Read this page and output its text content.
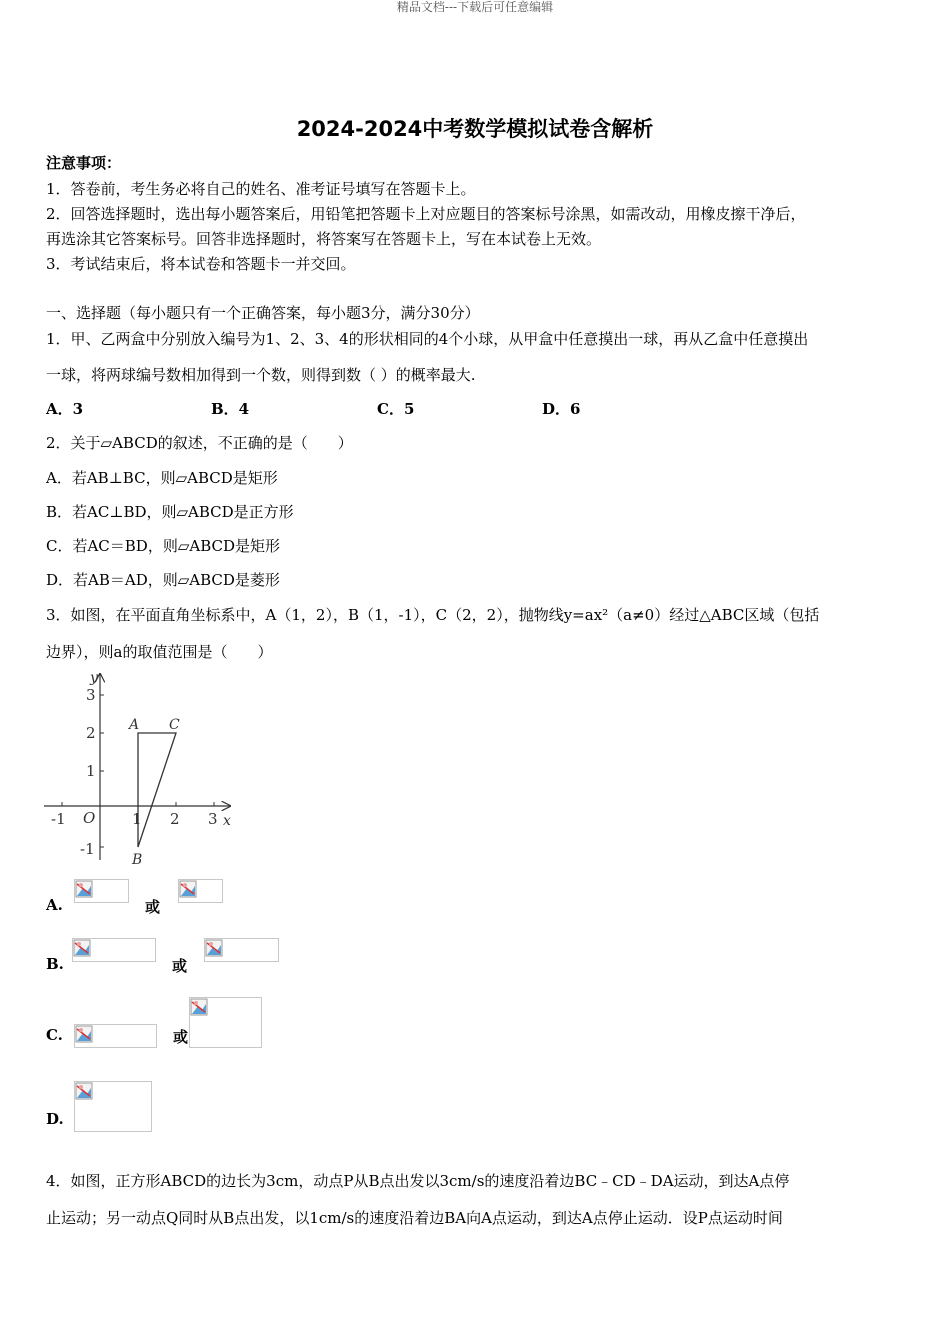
精品文档---下载后可任意编辑
2024-2024中考数学模拟试卷含解析
注意事项：
1．答卷前，考生务必将自己的姓名、准考证号填写在答题卡上。
2．回答选择题时，选出每小题答案后，用铅笔把答题卡上对应题目的答案标号涂黑，如需改动，用橡皮擦干净后，
再选涂其它答案标号。回答非选择题时，将答案写在答题卡上，写在本试卷上无效。
3．考试结束后，将本试卷和答题卡一并交回。
一、选择题（每小题只有一个正确答案，每小题3分，满分30分）
1．甲、乙两盒中分别放入编号为1、2、3、4的形状相同的4个小球，从甲盒中任意摸出一球，再从乙盒中任意摸出
一球，将两球编号数相加得到一个数，则得到数（ ）的概率最大.
A．3	B．4	C．5	D．6
2．关于▱ABCD的叙述，不正确的是（　　）
A．若AB⊥BC，则▱ABCD是矩形
B．若AC⊥BD，则▱ABCD是正方形
C．若AC＝BD，则▱ABCD是矩形
D．若AB＝AD，则▱ABCD是菱形
3．如图，在平面直角坐标系中，A（1，2），B（1，-1），C（2，2），抛物线y=ax²（a≠0）经过△ABC区域（包括
边界），则a的取值范围是（　　）
y
x
O
-1	1 2 3
3
2
1
-1
A C
B
A.	或
B.	或
C.	或
D.
4．如图，正方形ABCD的边长为3cm，动点P从B点出发以3cm/s的速度沿着边BC﹣CD﹣DA运动，到达A点停
止运动；另一动点Q同时从B点出发，以1cm/s的速度沿着边BA向A点运动，到达A点停止运动．设P点运动时间
